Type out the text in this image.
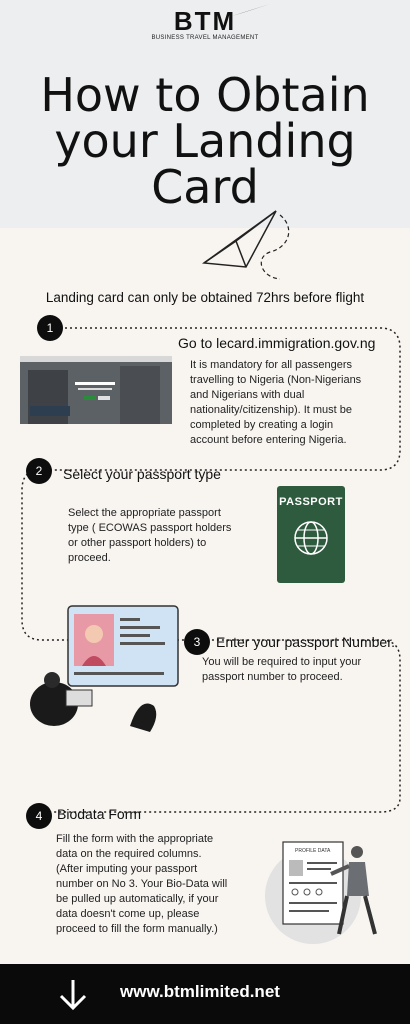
BTM
BUSINESS TRAVEL MANAGEMENT
How to Obtain
your Landing
Card
Landing card can only be obtained 72hrs before flight
1
Go to lecard.immigration.gov.ng
It is mandatory for all passengers
travelling to Nigeria (Non-Nigerians
and Nigerians with dual
nationality/citizenship). It must be
completed by creating a login
account before entering Nigeria.
2	Select your passport type
Select the appropriate passport
type ( ECOWAS passport holders
or other passport holders) to
proceed.
PASSPORT
3	Enter your passport Number.
You will be required to input your
passport number to proceed.
4	Biodata Form
Fill the form with the appropriate
data on the required columns.
(After imputing your passport
number on No 3. Your Bio-Data will
be pulled up automatically, if your
data doesn't come up, please
proceed to fill the form manually.)
PROFILE DATA
www.btmlimited.net
